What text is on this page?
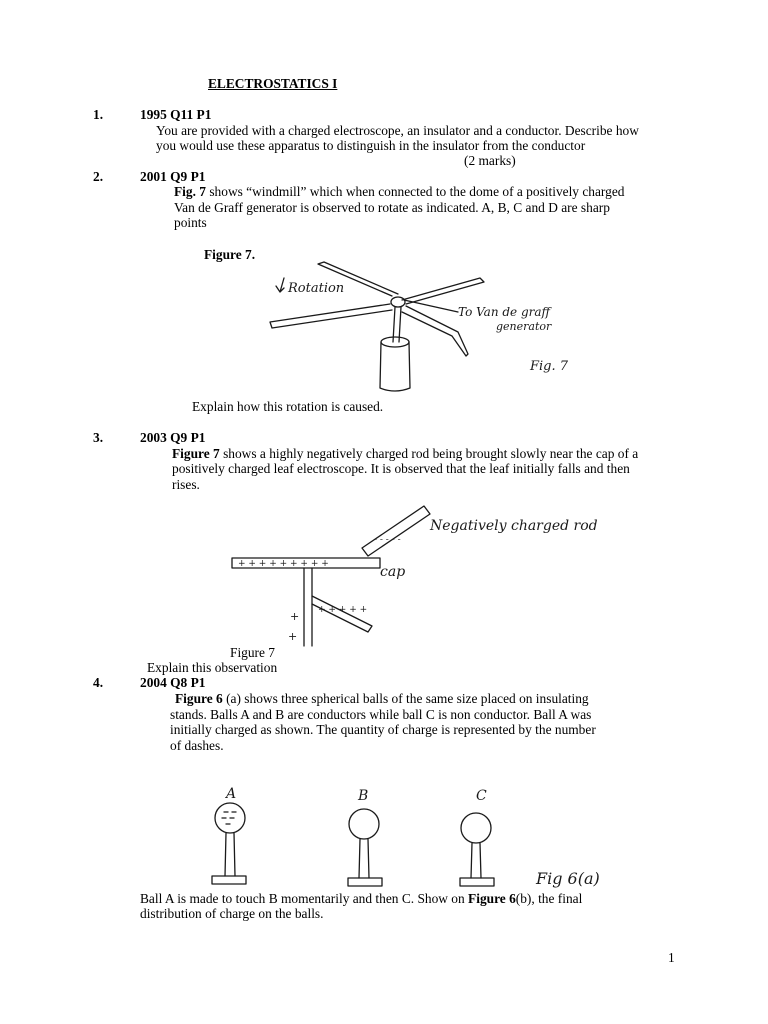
ELECTROSTATICS I
1.	1995 Q11 P1
You are provided with a charged electroscope, an insulator and a conductor. Describe how
you would use these apparatus to distinguish in the insulator from the conductor
(2 marks)
2.	2001 Q9 P1
Fig. 7 shows “windmill” which when connected to the dome of a positively charged
Van de Graff generator is observed to rotate as indicated. A, B, C and D are sharp
points
Figure 7.
Rotation
To Van de graff
generator
Fig. 7
Explain how this rotation is caused.
3.	2003 Q9 P1
Figure 7 shows a highly negatively charged rod being brought slowly near the cap of a
positively charged leaf electroscope. It is observed that the leaf initially falls and then
rises.
- - - - -
Negatively charged rod
+ + + + + + + + +	cap
+ + + + +
+
+
Figure 7
Explain this observation
4.	2004 Q8 P1
Figure 6 (a) shows three spherical balls of the same size placed on insulating
stands. Balls A and B are conductors while ball C is non conductor. Ball A was
initially charged as shown. The quantity of charge is represented by the number
of dashes.
A	B	C
Fig 6(a)
Ball A is made to touch B momentarily and then C. Show on Figure 6(b), the final
distribution of charge on the balls.
1
